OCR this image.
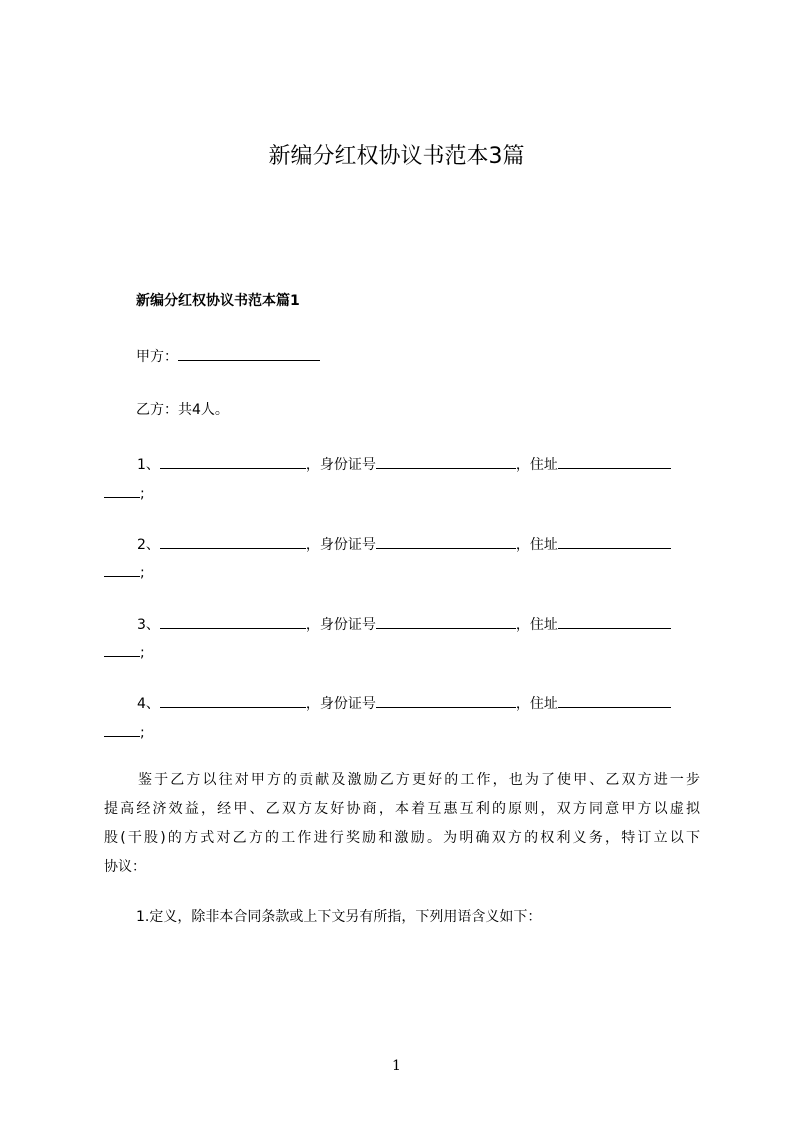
新编分红权协议书范本3篇
新编分红权协议书范本篇1
甲方：
乙方：共4人。
1、	，身份证号	，住址
;
2、	，身份证号	，住址
;
3、	，身份证号	，住址
;
4、	，身份证号	，住址
;
鉴于乙方以往对甲方的贡献及激励乙方更好的工作，也为了使甲、乙双方进一步
提高经济效益，经甲、乙双方友好协商，本着互惠互利的原则，双方同意甲方以虚拟
股(干股)的方式对乙方的工作进行奖励和激励。为明确双方的权利义务，特订立以下
协议：

1.定义，除非本合同条款或上下文另有所指，下列用语含义如下：

1
